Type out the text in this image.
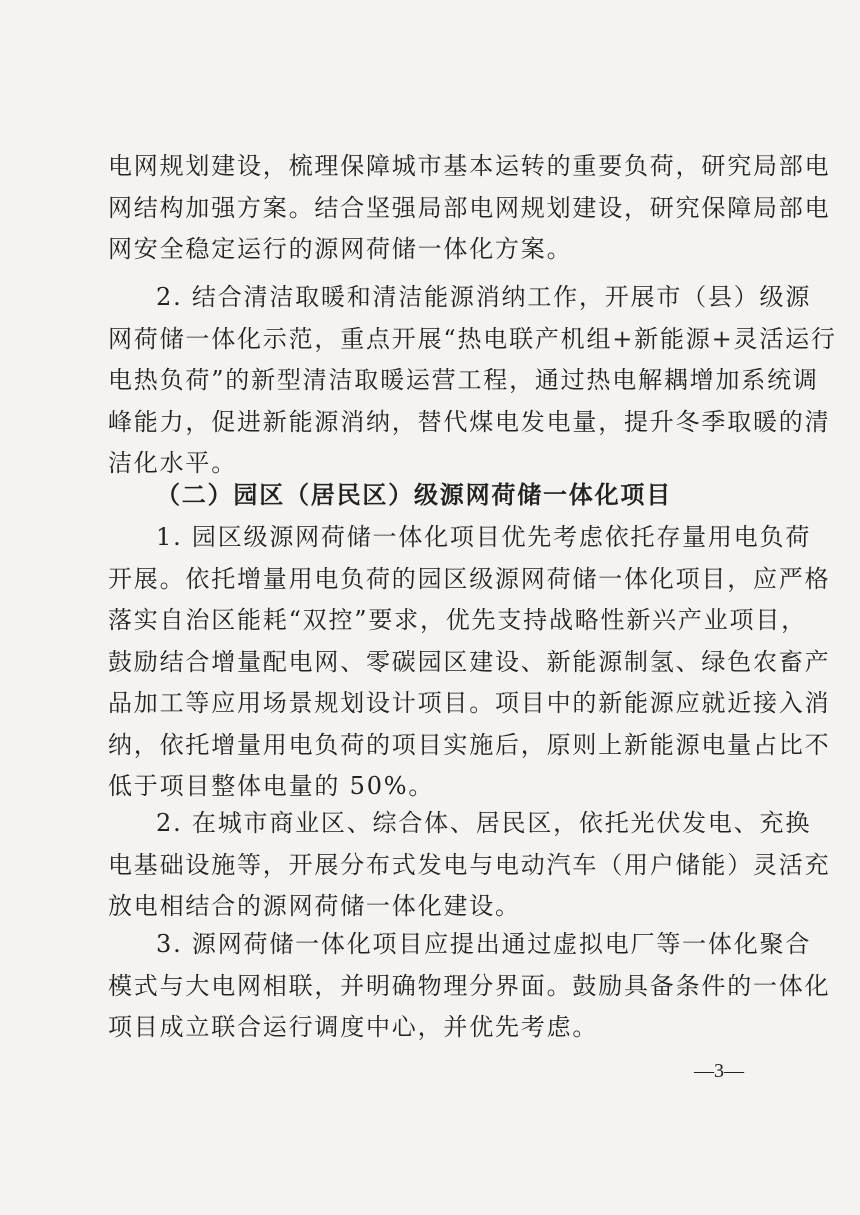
电网规划建设，梳理保障城市基本运转的重要负荷，研究局部电
网结构加强方案。结合坚强局部电网规划建设，研究保障局部电
网安全稳定运行的源网荷储一体化方案。
2. 结合清洁取暖和清洁能源消纳工作，开展市（县）级源
网荷储一体化示范，重点开展“热电联产机组+新能源+灵活运行
电热负荷”的新型清洁取暖运营工程，通过热电解耦增加系统调
峰能力，促进新能源消纳，替代煤电发电量，提升冬季取暖的清
洁化水平。
（二）园区（居民区）级源网荷储一体化项目
1. 园区级源网荷储一体化项目优先考虑依托存量用电负荷
开展。依托增量用电负荷的园区级源网荷储一体化项目，应严格
落实自治区能耗“双控”要求，优先支持战略性新兴产业项目，
鼓励结合增量配电网、零碳园区建设、新能源制氢、绿色农畜产
品加工等应用场景规划设计项目。项目中的新能源应就近接入消
纳，依托增量用电负荷的项目实施后，原则上新能源电量占比不
低于项目整体电量的 50%。
2. 在城市商业区、综合体、居民区，依托光伏发电、充换
电基础设施等，开展分布式发电与电动汽车（用户储能）灵活充
放电相结合的源网荷储一体化建设。
3. 源网荷储一体化项目应提出通过虚拟电厂等一体化聚合
模式与大电网相联，并明确物理分界面。鼓励具备条件的一体化
项目成立联合运行调度中心，并优先考虑。
—3—
